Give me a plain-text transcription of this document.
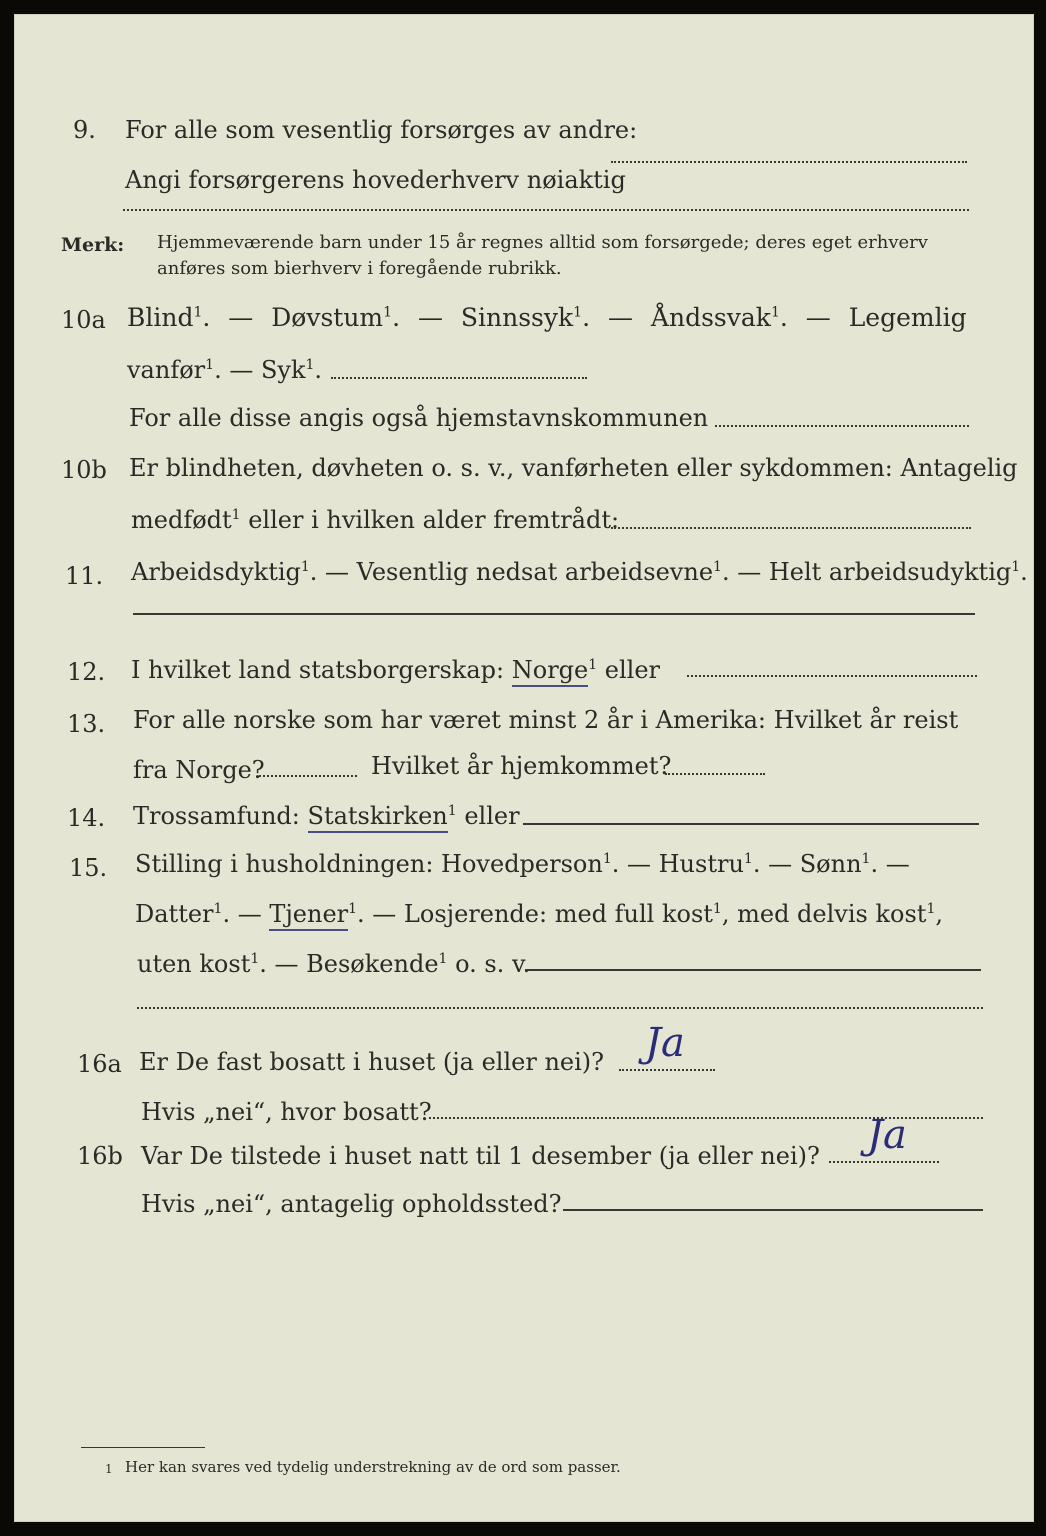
9. For alle som vesentlig forsørges av andre:
Angi forsørgerens hovederhverv nøiaktig
Merk: Hjemmeværende barn under 15 år regnes alltid som forsørgede; deres eget erhverv
anføres som bierhverv i foregående rubrikk.
10a Blind$^1$. — Døvstum$^1$. — Sinnssyk$^1$. — Åndssvak$^1$. — Legemlig
vanfør$^1$. — Syk$^1$.
For alle disse angis også hjemstavnskommunen
10b Er blindheten, døvheten o. s. v., vanførheten eller sykdommen: Antagelig
medfødt$^1$ eller i hvilken alder fremtrådt:
11. Arbeidsdyktig$^1$. — Vesentlig nedsat arbeidsevne$^1$. — Helt arbeidsudyktig$^1$.
12. I hvilket land statsborgerskap: Norge$^1$ eller
13. For alle norske som har været minst 2 år i Amerika: Hvilket år reist
fra Norge?	Hvilket år hjemkommet?
14. Trossamfund: Statskirken$^1$ eller
15. Stilling i husholdningen: Hovedperson$^1$. — Hustru$^1$. — Sønn$^1$. —
Datter$^1$. — Tjener$^1$. — Losjerende: med full kost$^1$, med delvis kost$^1$,
uten kost$^1$. — Besøkende$^1$ o. s. v.
16a Er De fast bosatt i huset (ja eller nei)? Ja
Hvis „nei“, hvor bosatt?
16b Var De tilstede i huset natt til 1 desember (ja eller nei)? Ja
Hvis „nei“, antagelig opholdssted?
1 Her kan svares ved tydelig understrekning av de ord som passer.
